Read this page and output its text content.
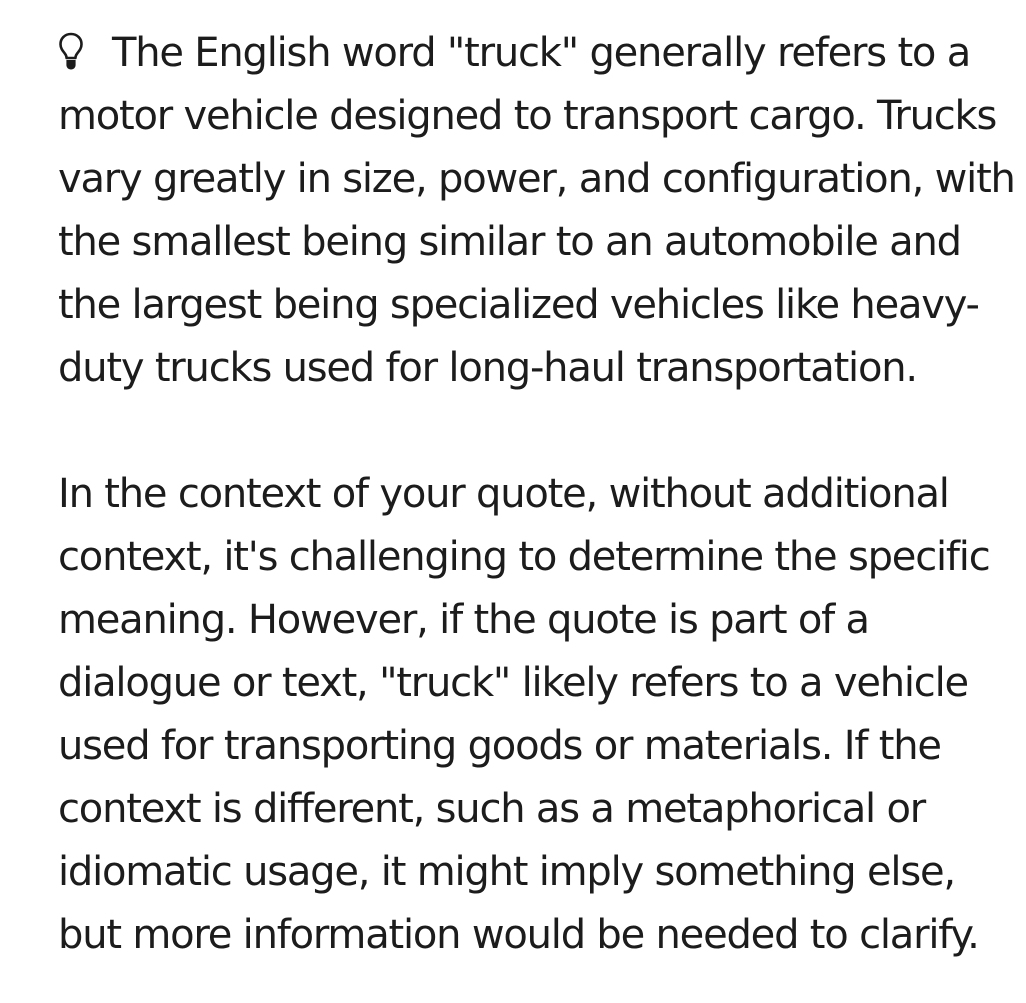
The English word "truck" generally refers to a motor vehicle designed to transport cargo. Trucks vary greatly in size, power, and configuration, with the smallest being similar to an automobile and the largest being specialized vehicles like heavy-duty trucks used for long-haul transportation.

In the context of your quote, without additional context, it's challenging to determine the specific meaning. However, if the quote is part of a dialogue or text, "truck" likely refers to a vehicle used for transporting goods or materials. If the context is different, such as a metaphorical or idiomatic usage, it might imply something else, but more information would be needed to clarify.
